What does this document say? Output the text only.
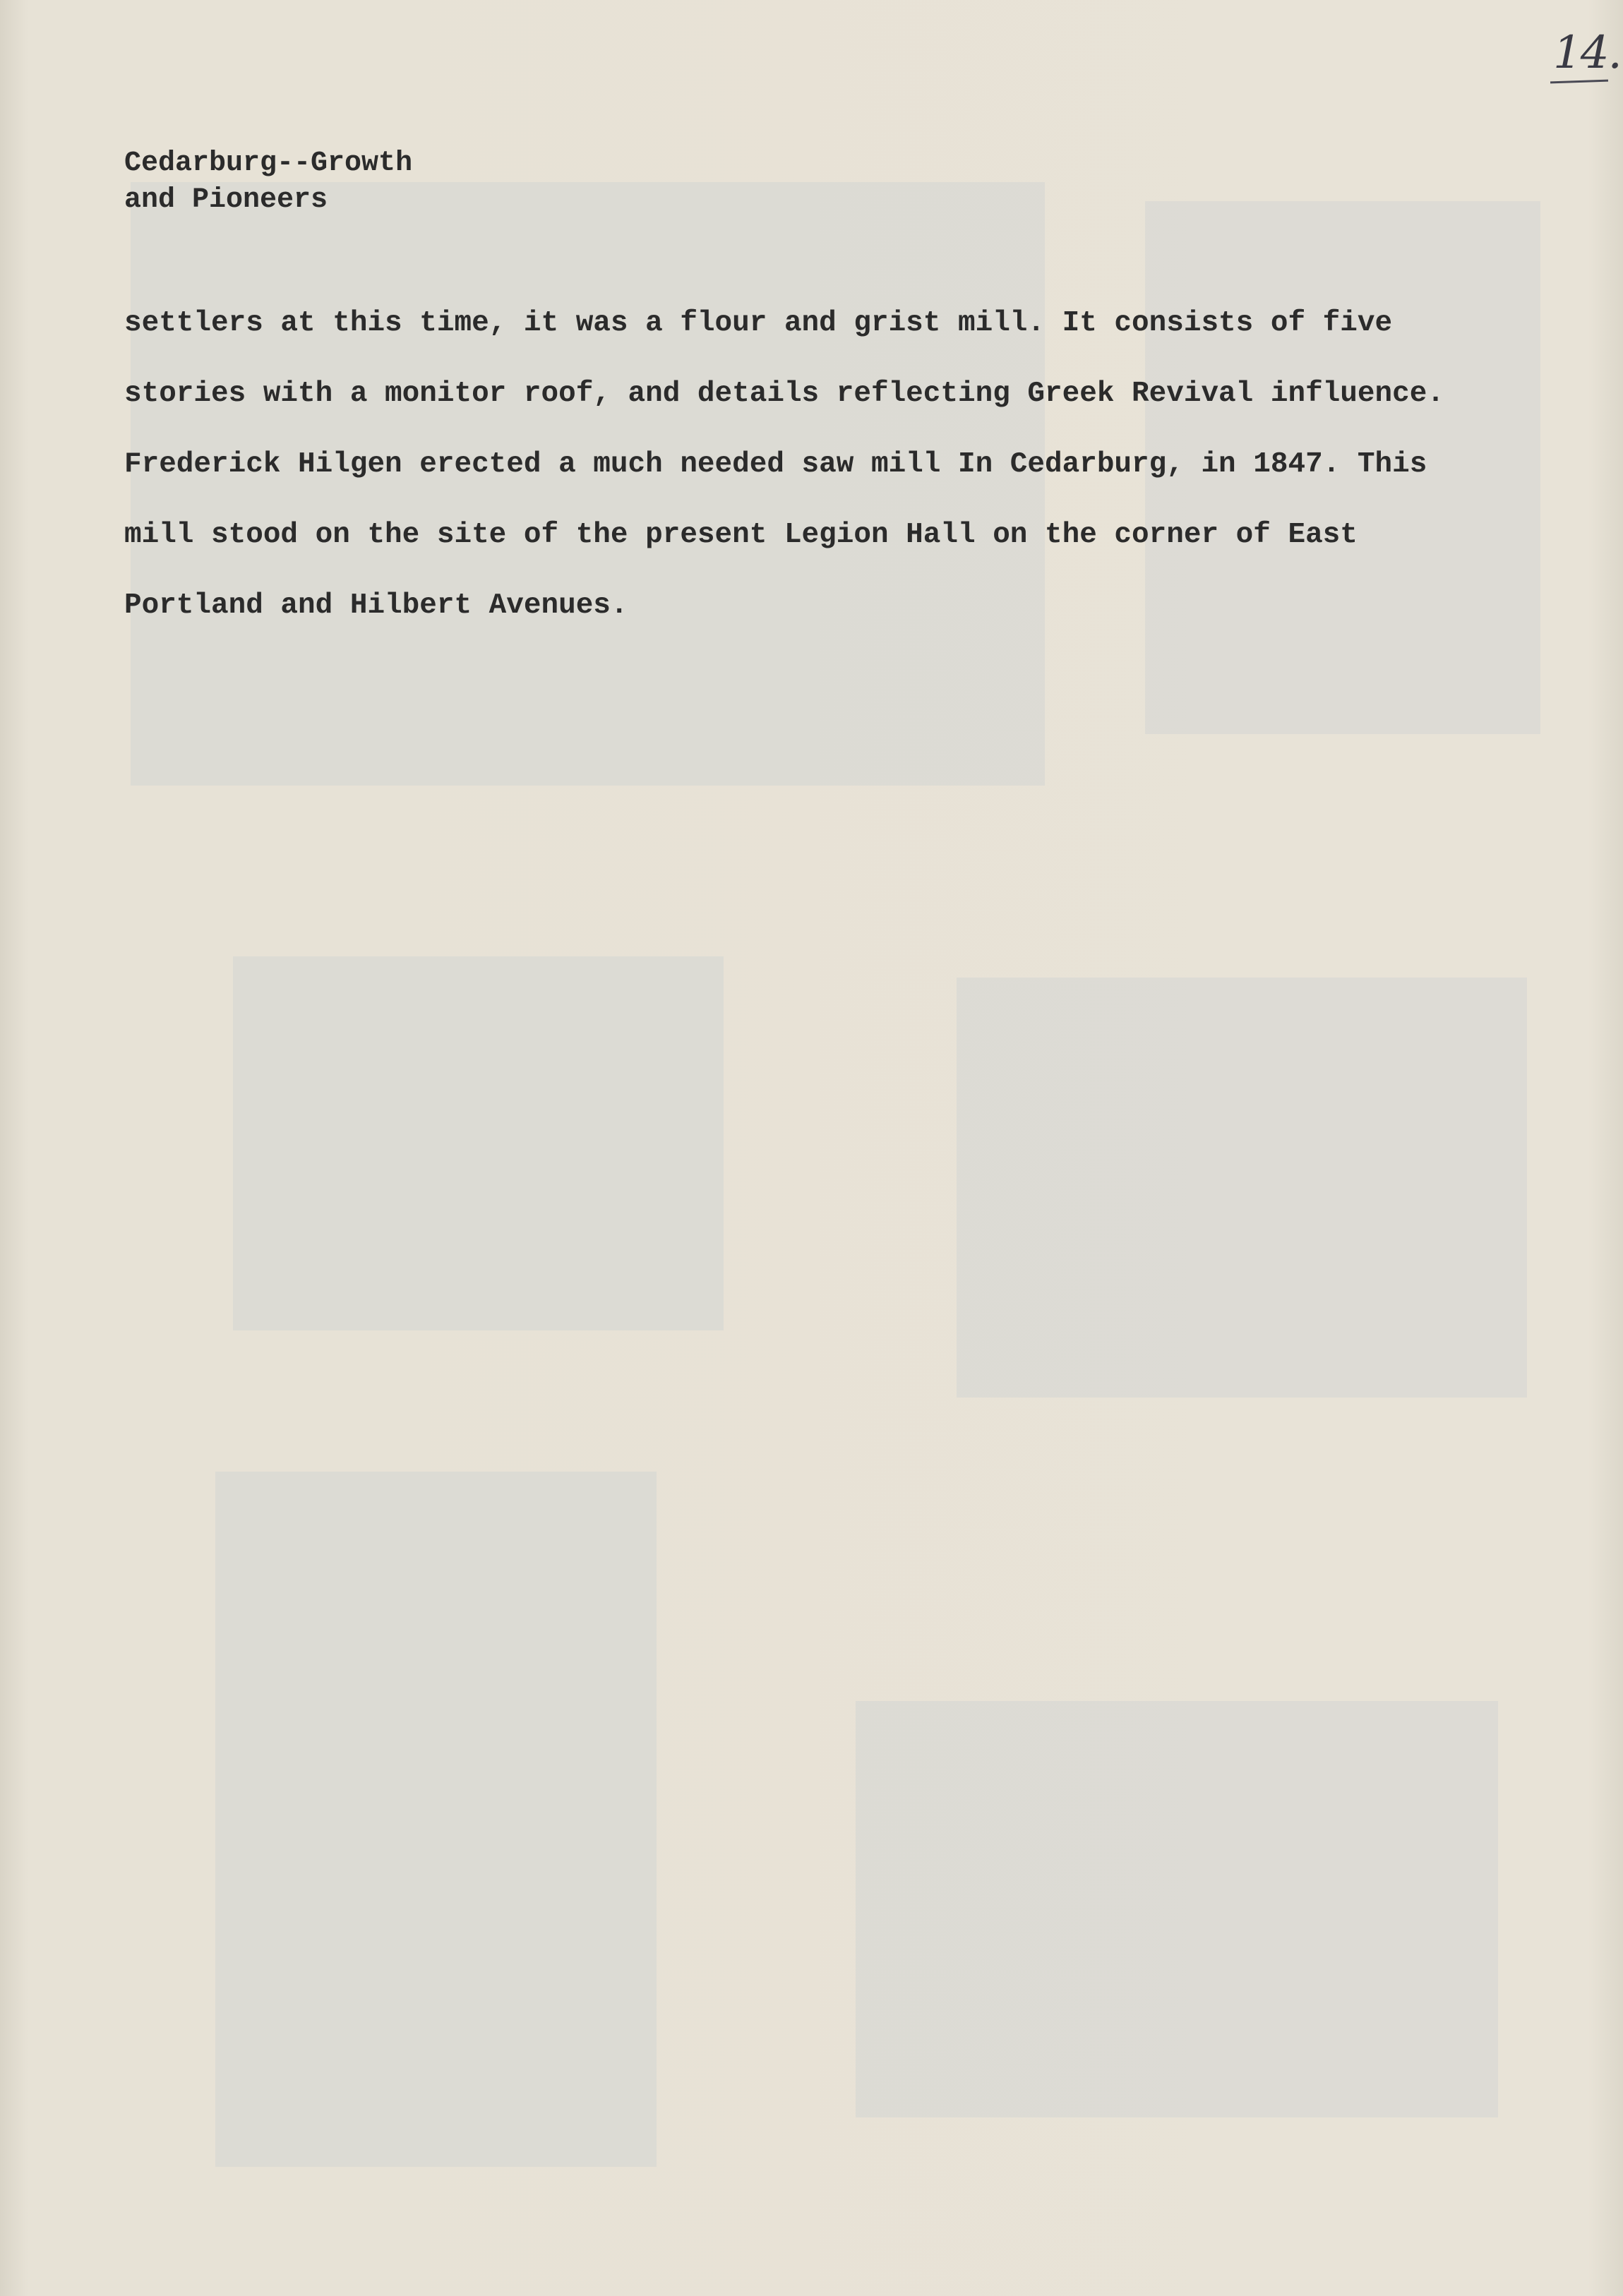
14.
Cedarburg--Growth
and Pioneers
settlers at this time, it was a flour and grist mill. It consists of five
stories with a monitor roof, and details reflecting Greek Revival influence.
Frederick Hilgen erected a much needed saw mill In Cedarburg, in 1847. This
mill stood on the site of the present Legion Hall on the corner of East
Portland and Hilbert Avenues.
